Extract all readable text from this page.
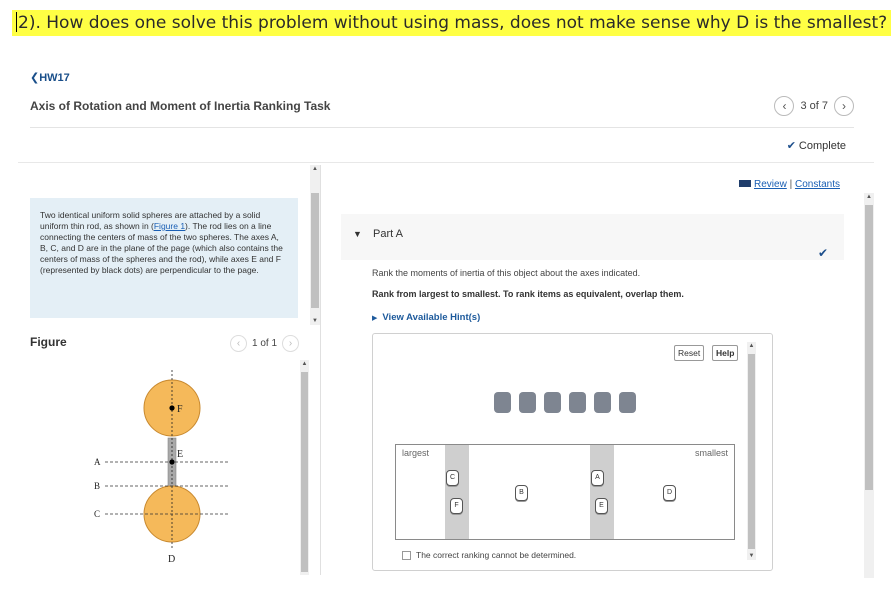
2). How does one solve this problem without using mass, does not make sense why D is the smallest?
❮HW17
Axis of Rotation and Moment of Inertia Ranking Task	‹ 3 of 7 ›
✔ Complete
Two identical uniform solid spheres are attached by a solid uniform thin rod, as shown in (Figure 1). The rod lies on a line connecting the centers of mass of the two spheres. The axes A, B, C, and D are in the plane of the page (which also contains the centers of mass of the spheres and the rod), while axes E and F (represented by black dots) are perpendicular to the page.
▲
▼
Figure	‹ 1 of 1 ›
F
E
A
B
C
D
▲
Review | Constants
▼ Part A
✔
Rank the moments of inertia of this object about the axes indicated.
Rank from largest to smallest. To rank items as equivalent, overlap them.
▶ View Available Hint(s)
Reset	Help
largest	smallest
C
F
B
A
E
D
The correct ranking cannot be determined.
▲
▼
▲
